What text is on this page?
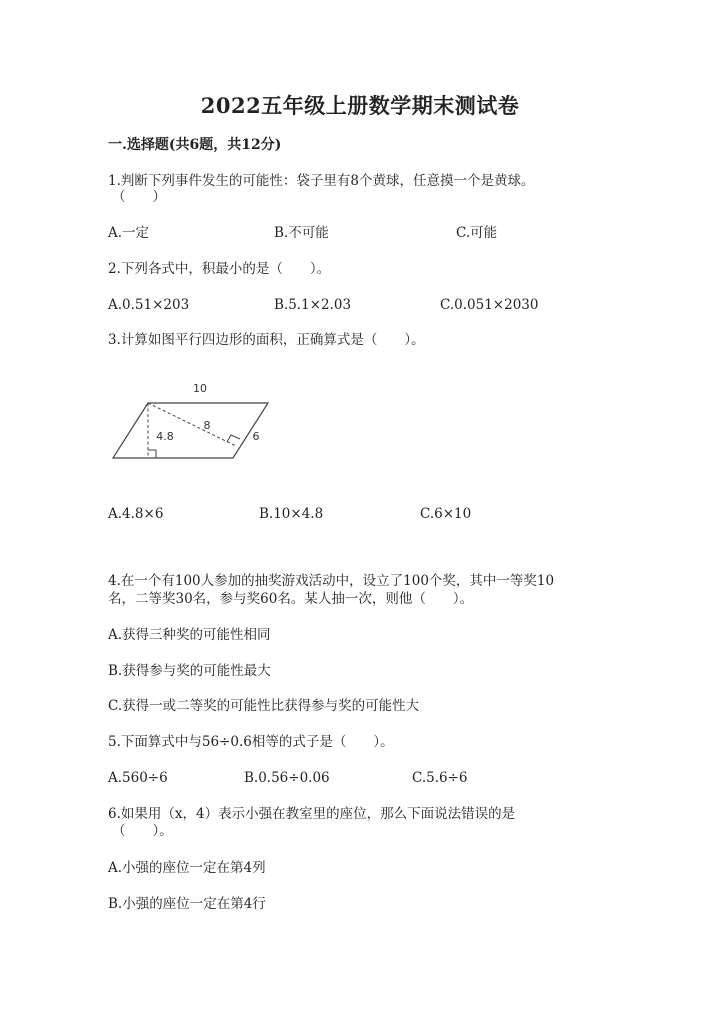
2022五年级上册数学期末测试卷
一.选择题(共6题，共12分)
1.判断下列事件发生的可能性：袋子里有8个黄球，任意摸一个是黄球。
（　　）
A.一定	B.不可能	C.可能
2.下列各式中，积最小的是（　　）。
A.0.51×203	B.5.1×2.03	C.0.051×2030
3.计算如图平行四边形的面积，正确算式是（　　）。
10
8
4.8	6
A.4.8×6	B.10×4.8	C.6×10
4.在一个有100人参加的抽奖游戏活动中，设立了100个奖，其中一等奖10
名，二等奖30名，参与奖60名。某人抽一次，则他（　　）。
A.获得三种奖的可能性相同
B.获得参与奖的可能性最大
C.获得一或二等奖的可能性比获得参与奖的可能性大
5.下面算式中与56÷0.6相等的式子是（　　）。
A.560÷6	B.0.56÷0.06	C.5.6÷6
6.如果用（x，4）表示小强在教室里的座位，那么下面说法错误的是
（　　）。
A.小强的座位一定在第4列
B.小强的座位一定在第4行
